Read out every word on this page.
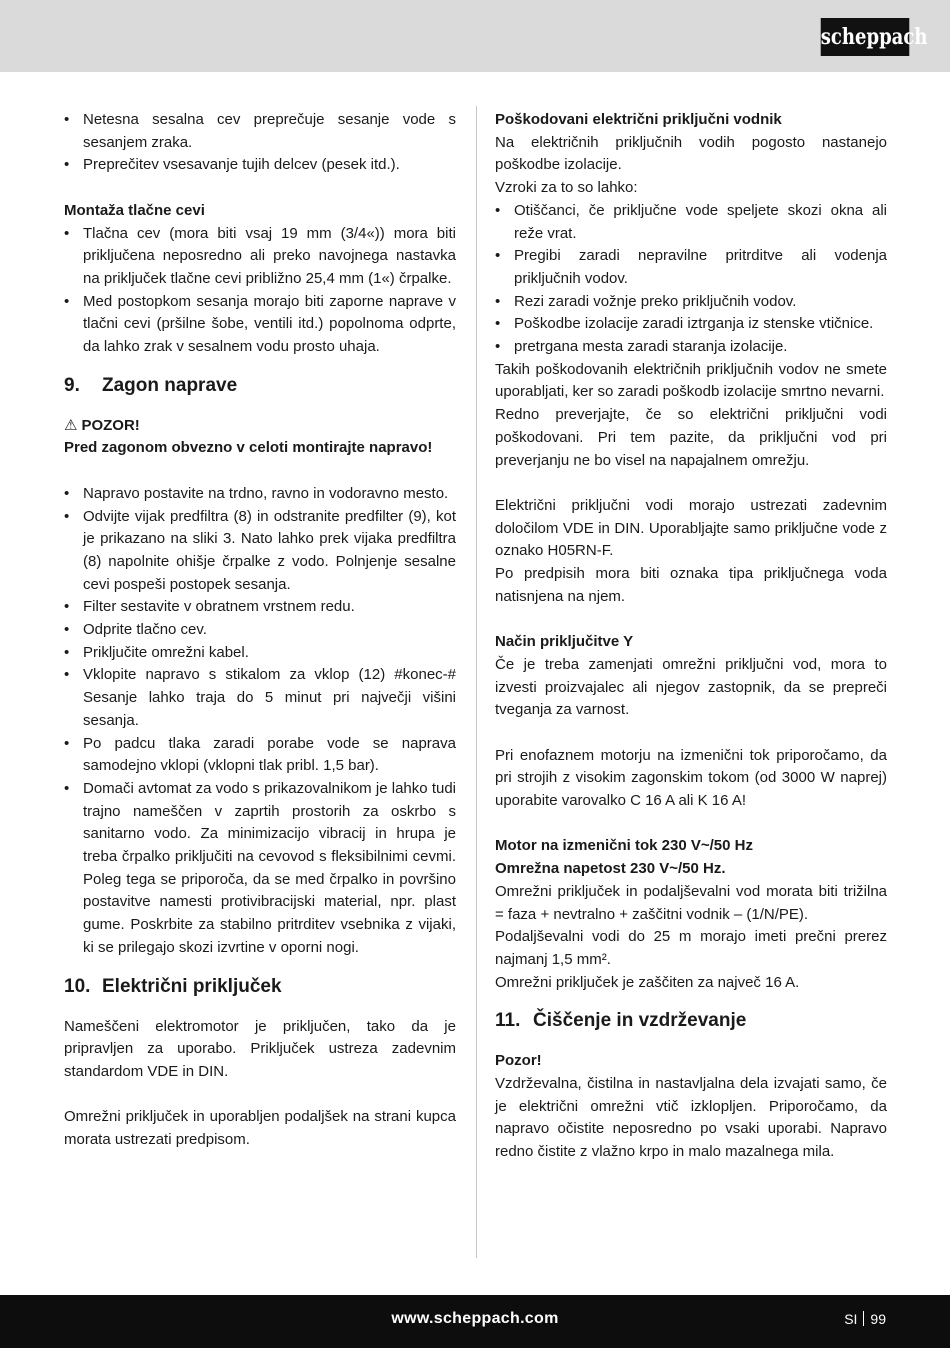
scheppach
• Netesna sesalna cev preprečuje sesanje vode s sesanjem zraka.
• Preprečitev vsesavanje tujih delcev (pesek itd.).

Montaža tlačne cevi

• Tlačna cev (mora biti vsaj 19 mm (3/4«)) mora biti priključena neposredno ali preko navojnega nastavka na priključek tlačne cevi približno 25,4 mm (1«) črpalke.
• Med postopkom sesanja morajo biti zaporne naprave v tlačni cevi (pršilne šobe, ventili itd.) popolnoma odprte, da lahko zrak v sesalnem vodu prosto uhaja.
9. Zagon naprave

⚠ POZOR!

Pred zagonom obvezno v celoti montirajte napravo!

• Napravo postavite na trdno, ravno in vodoravno mesto.
• Odvijte vijak predfiltra (8) in odstranite predfilter (9), kot je prikazano na sliki 3. Nato lahko prek vijaka predfiltra (8) napolnite ohišje črpalke z vodo. Polnjenje sesalne cevi pospeši postopek sesanja.
• Filter sestavite v obratnem vrstnem redu.
• Odprite tlačno cev.
• Priključite omrežni kabel.
• Vklopite napravo s stikalom za vklop (12) #konec-# Sesanje lahko traja do 5 minut pri največji višini sesanja.
• Po padcu tlaka zaradi porabe vode se naprava samodejno vklopi (vklopni tlak pribl. 1,5 bar).
• Domači avtomat za vodo s prikazovalnikom je lahko tudi trajno nameščen v zaprtih prostorih za oskrbo s sanitarno vodo. Za minimizacijo vibracij in hrupa je treba črpalko priključiti na cevovod s fleksibilnimi cevmi. Poleg tega se priporoča, da se med črpalko in površino postavitve namesti protivibracijski material, npr. plast gume. Poskrbite za stabilno pritrditev vsebnika z vijaki, ki se prilegajo skozi izvrtine v oporni nogi.
10. Električni priključek

Nameščeni elektromotor je priključen, tako da je pripravljen za uporabo. Priključek ustreza zadevnim standardom VDE in DIN.

Omrežni priključek in uporabljen podaljšek na strani kupca morata ustrezati predpisom.

Poškodovani električni priključni vodnik

Na električnih priključnih vodih pogosto nastanejo poškodbe izolacije.

Vzroki za to so lahko:

• Otiščanci, če priključne vode speljete skozi okna ali reže vrat.
• Pregibi zaradi nepravilne pritrditve ali vodenja priključnih vodov.
• Rezi zaradi vožnje preko priključnih vodov.
• Poškodbe izolacije zaradi iztrganja iz stenske vtičnice.
• pretrgana mesta zaradi staranja izolacije.

Takih poškodovanih električnih priključnih vodov ne smete uporabljati, ker so zaradi poškodb izolacije smrtno nevarni.

Redno preverjajte, če so električni priključni vodi poškodovani. Pri tem pazite, da priključni vod pri preverjanju ne bo visel na napajalnem omrežju.

Električni priključni vodi morajo ustrezati zadevnim določilom VDE in DIN. Uporabljajte samo priključne vode z oznako H05RN-F.

Po predpisih mora biti oznaka tipa priključnega voda natisnjena na njem.

Način priključitve Y

Če je treba zamenjati omrežni priključni vod, mora to izvesti proizvajalec ali njegov zastopnik, da se prepreči tveganja za varnost.

Pri enofaznem motorju na izmenični tok priporočamo, da pri strojih z visokim zagonskim tokom (od 3000 W naprej) uporabite varovalko C 16 A ali K 16 A!

Motor na izmenični tok 230 V~/50 Hz

Omrežna napetost 230 V~/50 Hz.

Omrežni priključek in podaljševalni vod morata biti trižilna = faza + nevtralno + zaščitni vodnik – (1/N/PE).

Podaljševalni vodi do 25 m morajo imeti prečni prerez najmanj 1,5 mm².

Omrežni priključek je zaščiten za največ 16 A.

11. Čiščenje in vzdrževanje

Pozor!

Vzdrževalna, čistilna in nastavljalna dela izvajati samo, če je električni omrežni vtič izklopljen. Priporočamo, da napravo očistite neposredno po vsaki uporabi. Napravo redno čistite z vlažno krpo in malo mazalnega mila.

www.scheppach.com	SI 99
